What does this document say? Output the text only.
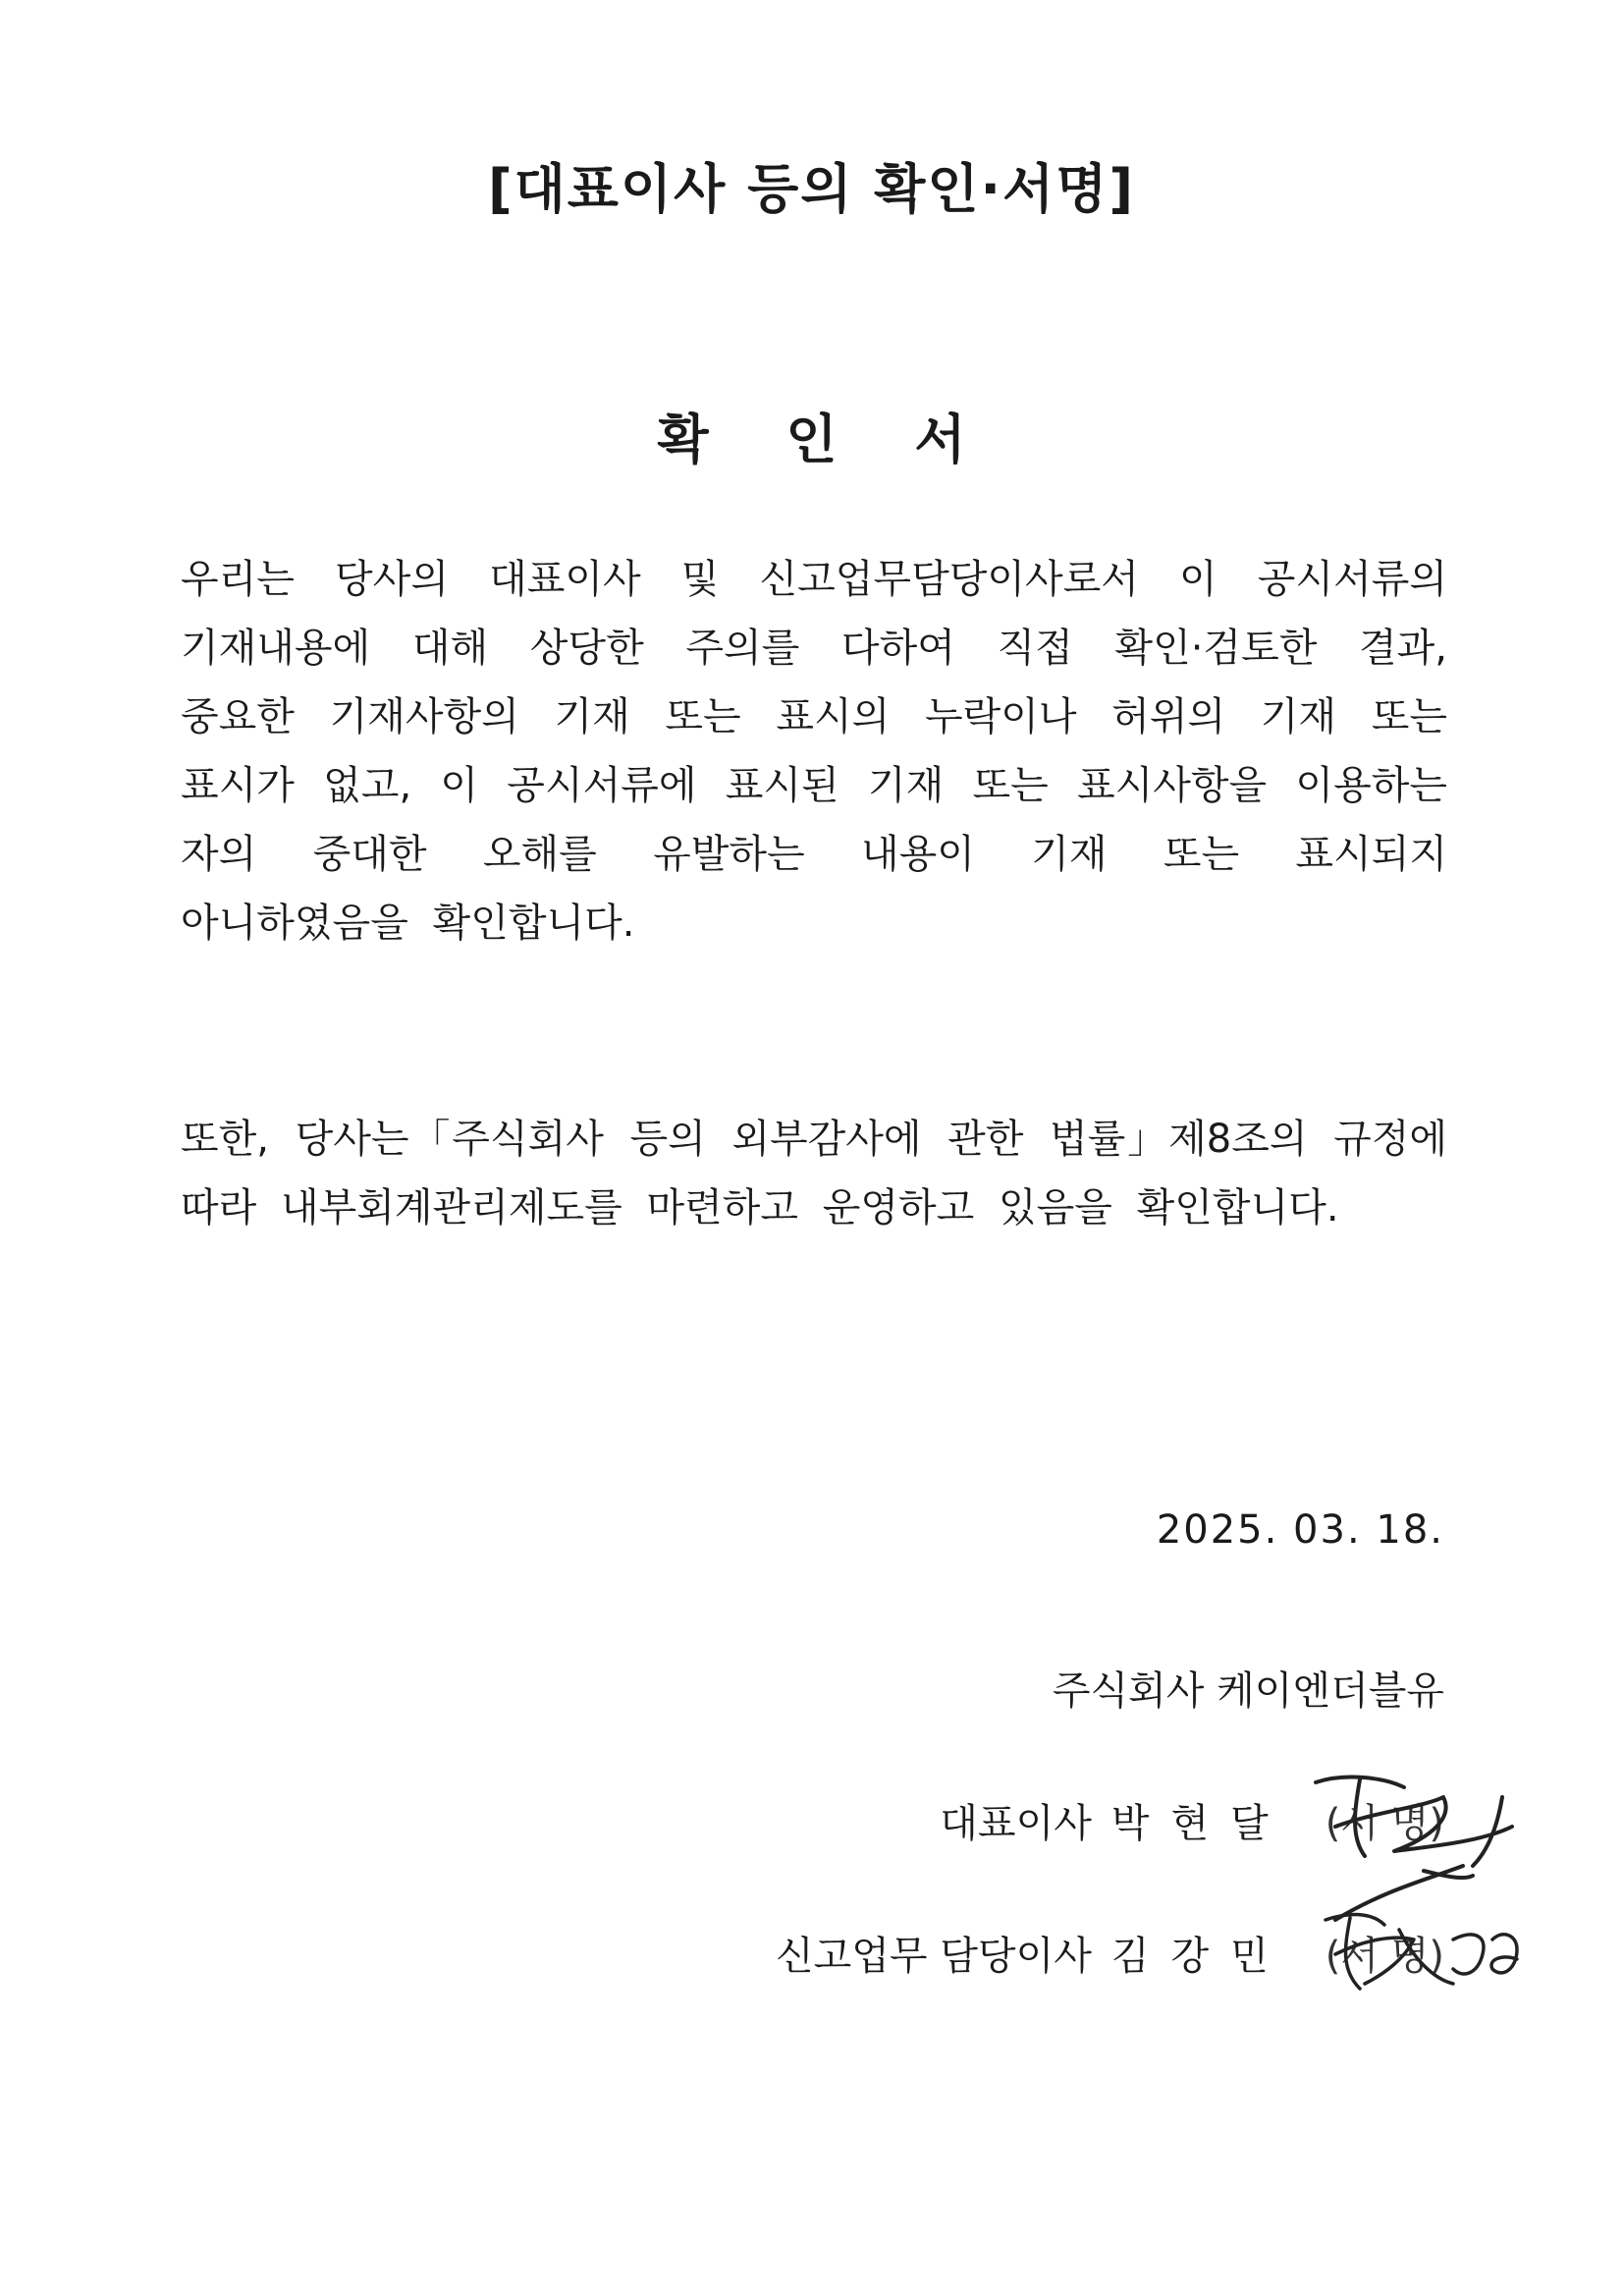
[대표이사 등의 확인·서명]
확 인 서
우리는 당사의 대표이사 및 신고업무담당이사로서 이 공시서류의 기재내용에 대해 상당한 주의를 다하여 직접 확인·검토한 결과, 중요한 기재사항의 기재 또는 표시의 누락이나 허위의 기재 또는 표시가 없고, 이 공시서류에 표시된 기재 또는 표시사항을 이용하는 자의 중대한 오해를 유발하는 내용이 기재 또는 표시되지 아니하였음을 확인합니다.
또한, 당사는「주식회사 등의 외부감사에 관한 법률」제8조의 규정에 따라 내부회계관리제도를 마련하고 운영하고 있음을 확인합니다.
2025. 03. 18.
주식회사 케이엔더블유
대표이사 박현달 (서 명)
신고업무 담당이사 김강민 (서 명)
